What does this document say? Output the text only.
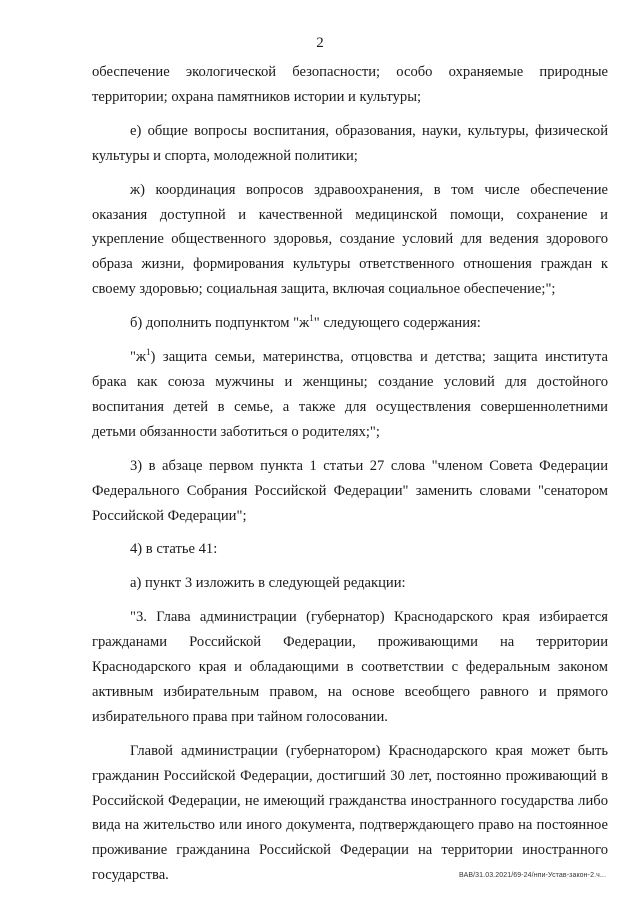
2

обеспечение экологической безопасности; особо охраняемые природные территории; охрана памятников истории и культуры;

е) общие вопросы воспитания, образования, науки, культуры, физической культуры и спорта, молодежной политики;

ж) координация вопросов здравоохранения, в том числе обеспечение оказания доступной и качественной медицинской помощи, сохранение и укрепление общественного здоровья, создание условий для ведения здорового образа жизни, формирования культуры ответственного отношения граждан к своему здоровью; социальная защита, включая социальное обеспечение;";

б) дополнить подпунктом "$ж^1$" следующего содержания:

"$ж^1$) защита семьи, материнства, отцовства и детства; защита института брака как союза мужчины и женщины; создание условий для достойного воспитания детей в семье, а также для осуществления совершеннолетними детьми обязанности заботиться о родителях;";

3) в абзаце первом пункта 1 статьи 27 слова "членом Совета Федерации Федерального Собрания Российской Федерации" заменить словами "сенатором Российской Федерации";

4) в статье 41:

а) пункт 3 изложить в следующей редакции:

"3. Глава администрации (губернатор) Краснодарского края избирается гражданами Российской Федерации, проживающими на территории Краснодарского края и обладающими в соответствии с федеральным законом активным избирательным правом, на основе всеобщего равного и прямого избирательного права при тайном голосовании.

Главой администрации (губернатором) Краснодарского края может быть гражданин Российской Федерации, достигший 30 лет, постоянно проживающий в Российской Федерации, не имеющий гражданства иностранного государства либо вида на жительство или иного документа, подтверждающего право на постоянное проживание гражданина Российской Федерации на территории иностранного государства.	ВАВ/31.03.2021/69-24/нпи-Устав-закон-2.ч...
